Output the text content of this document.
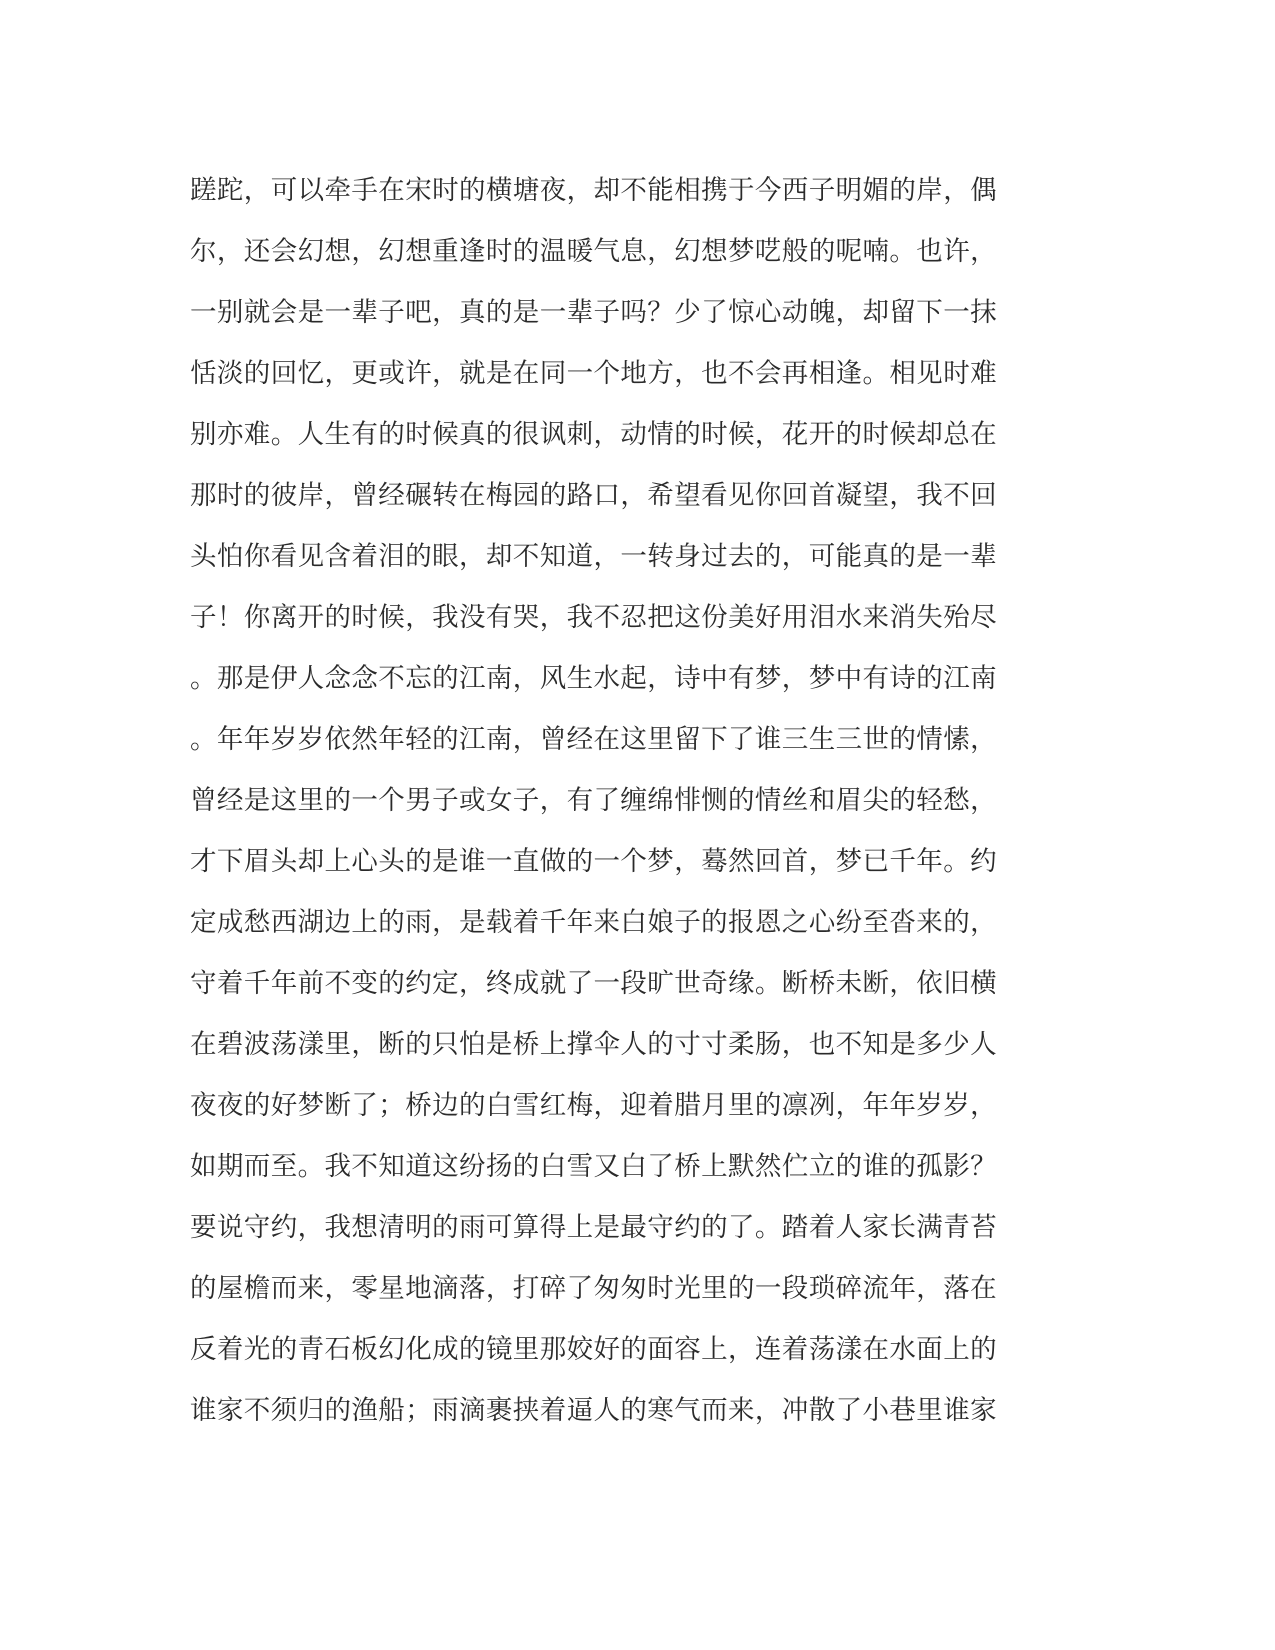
蹉跎，可以牵手在宋时的横塘夜，却不能相携于今西子明媚的岸，偶
尔，还会幻想，幻想重逢时的温暖气息，幻想梦呓般的呢喃。也许，
一别就会是一辈子吧，真的是一辈子吗？少了惊心动魄，却留下一抹
恬淡的回忆，更或许，就是在同一个地方，也不会再相逢。相见时难
别亦难。人生有的时候真的很讽刺，动情的时候，花开的时候却总在
那时的彼岸，曾经碾转在梅园的路口，希望看见你回首凝望，我不回
头怕你看见含着泪的眼，却不知道，一转身过去的，可能真的是一辈
子！你离开的时候，我没有哭，我不忍把这份美好用泪水来消失殆尽
。那是伊人念念不忘的江南，风生水起，诗中有梦，梦中有诗的江南
。年年岁岁依然年轻的江南，曾经在这里留下了谁三生三世的情愫，
曾经是这里的一个男子或女子，有了缠绵悱恻的情丝和眉尖的轻愁，
才下眉头却上心头的是谁一直做的一个梦，蓦然回首，梦已千年。约
定成愁西湖边上的雨，是载着千年来白娘子的报恩之心纷至沓来的，
守着千年前不变的约定，终成就了一段旷世奇缘。断桥未断，依旧横
在碧波荡漾里，断的只怕是桥上撑伞人的寸寸柔肠，也不知是多少人
夜夜的好梦断了；桥边的白雪红梅，迎着腊月里的凛冽，年年岁岁，
如期而至。我不知道这纷扬的白雪又白了桥上默然伫立的谁的孤影？
要说守约，我想清明的雨可算得上是最守约的了。踏着人家长满青苔
的屋檐而来，零星地滴落，打碎了匆匆时光里的一段琐碎流年，落在
反着光的青石板幻化成的镜里那姣好的面容上，连着荡漾在水面上的
谁家不须归的渔船；雨滴裹挟着逼人的寒气而来，冲散了小巷里谁家
